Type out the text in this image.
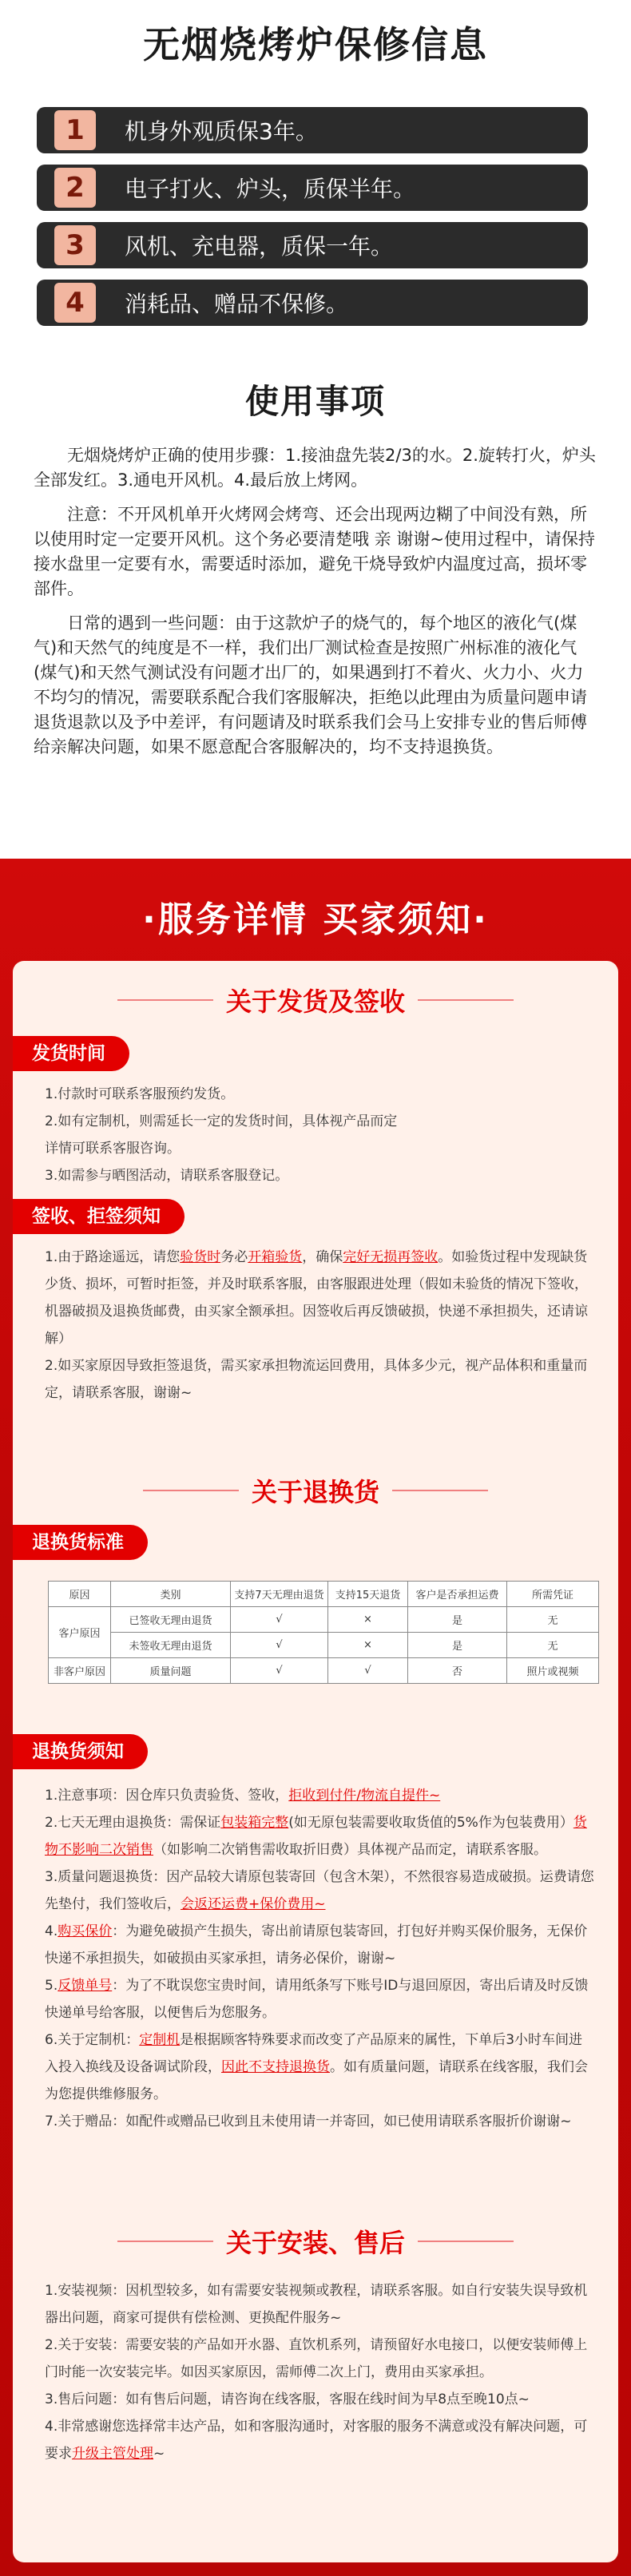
无烟烧烤炉保修信息
1	机身外观质保3年。
2	电子打火、炉头，质保半年。
3	风机、充电器，质保一年。
4	消耗品、赠品不保修。
使用事项

无烟烧烤炉正确的使用步骤：1.接油盘先装2/3的水。2.旋转打火，炉头全部发红。3.通电开风机。4.最后放上烤网。

注意：不开风机单开火烤网会烤弯、还会出现两边糊了中间没有熟，所以使用时定一定要开风机。这个务必要清楚哦 亲 谢谢~使用过程中，请保持接水盘里一定要有水，需要适时添加，避免干烧导致炉内温度过高，损坏零部件。

日常的遇到一些问题：由于这款炉子的烧气的，每个地区的液化气(煤气)和天然气的纯度是不一样，我们出厂测试检查是按照广州标准的液化气(煤气)和天然气测试没有问题才出厂的，如果遇到打不着火、火力小、火力不均匀的情况，需要联系配合我们客服解决，拒绝以此理由为质量问题申请退货退款以及予中差评，有问题请及时联系我们会马上安排专业的售后师傅给亲解决问题，如果不愿意配合客服解决的，均不支持退换货。

·服务详情 买家须知·
关于发货及签收
发货时间
1.付款时可联系客服预约发货。
2.如有定制机，则需延长一定的发货时间，具体视产品而定
详情可联系客服咨询。
3.如需参与晒图活动，请联系客服登记。
签收、拒签须知
1.由于路途遥远，请您验货时务必开箱验货，确保完好无损再签收。如验货过程中发现缺货少货、损坏，可暂时拒签，并及时联系客服，由客服跟进处理（假如未验货的情况下签收，机器破损及退换货邮费，由买家全额承担。因签收后再反馈破损，快递不承担损失，还请谅解）
2.如买家原因导致拒签退货，需买家承担物流运回费用，具体多少元，视产品体积和重量而定，请联系客服，谢谢~
关于退换货
退换货标准
原因	类别	支持7天无理由退货	支持15天退货	客户是否承担运费	所需凭证
客户原因	已签收无理由退货	√	×	是	无
	未签收无理由退货	√	×	是	无
非客户原因	质量问题	√	√	否	照片或视频
退换货须知
1.注意事项：因仓库只负责验货、签收，拒收到付件/物流自提件~
2.七天无理由退换货：需保证包装箱完整(如无原包装需要收取货值的5%作为包装费用）货物不影响二次销售（如影响二次销售需收取折旧费）具体视产品而定，请联系客服。
3.质量问题退换货：因产品较大请原包装寄回（包含木架），不然很容易造成破损。运费请您先垫付，我们签收后，会返还运费+保价费用~
4.购买保价：为避免破损产生损失，寄出前请原包装寄回，打包好并购买保价服务，无保价快递不承担损失，如破损由买家承担，请务必保价，谢谢~
5.反馈单号：为了不耽误您宝贵时间，请用纸条写下账号ID与退回原因，寄出后请及时反馈快递单号给客服，以便售后为您服务。
6.关于定制机：定制机是根据顾客特殊要求而改变了产品原来的属性，下单后3小时车间进入投入换线及设备调试阶段，因此不支持退换货。如有质量问题，请联系在线客服，我们会为您提供维修服务。
7.关于赠品：如配件或赠品已收到且未使用请一并寄回，如已使用请联系客服折价谢谢~
关于安装、售后
1.安装视频：因机型较多，如有需要安装视频或教程，请联系客服。如自行安装失误导致机器出问题，商家可提供有偿检测、更换配件服务~
2.关于安装：需要安装的产品如开水器、直饮机系列，请预留好水电接口，以便安装师傅上门时能一次安装完毕。如因买家原因，需师傅二次上门，费用由买家承担。
3.售后问题：如有售后问题，请咨询在线客服，客服在线时间为早8点至晚10点~
4.非常感谢您选择常丰达产品，如和客服沟通时，对客服的服务不满意或没有解决问题，可要求升级主管处理~
